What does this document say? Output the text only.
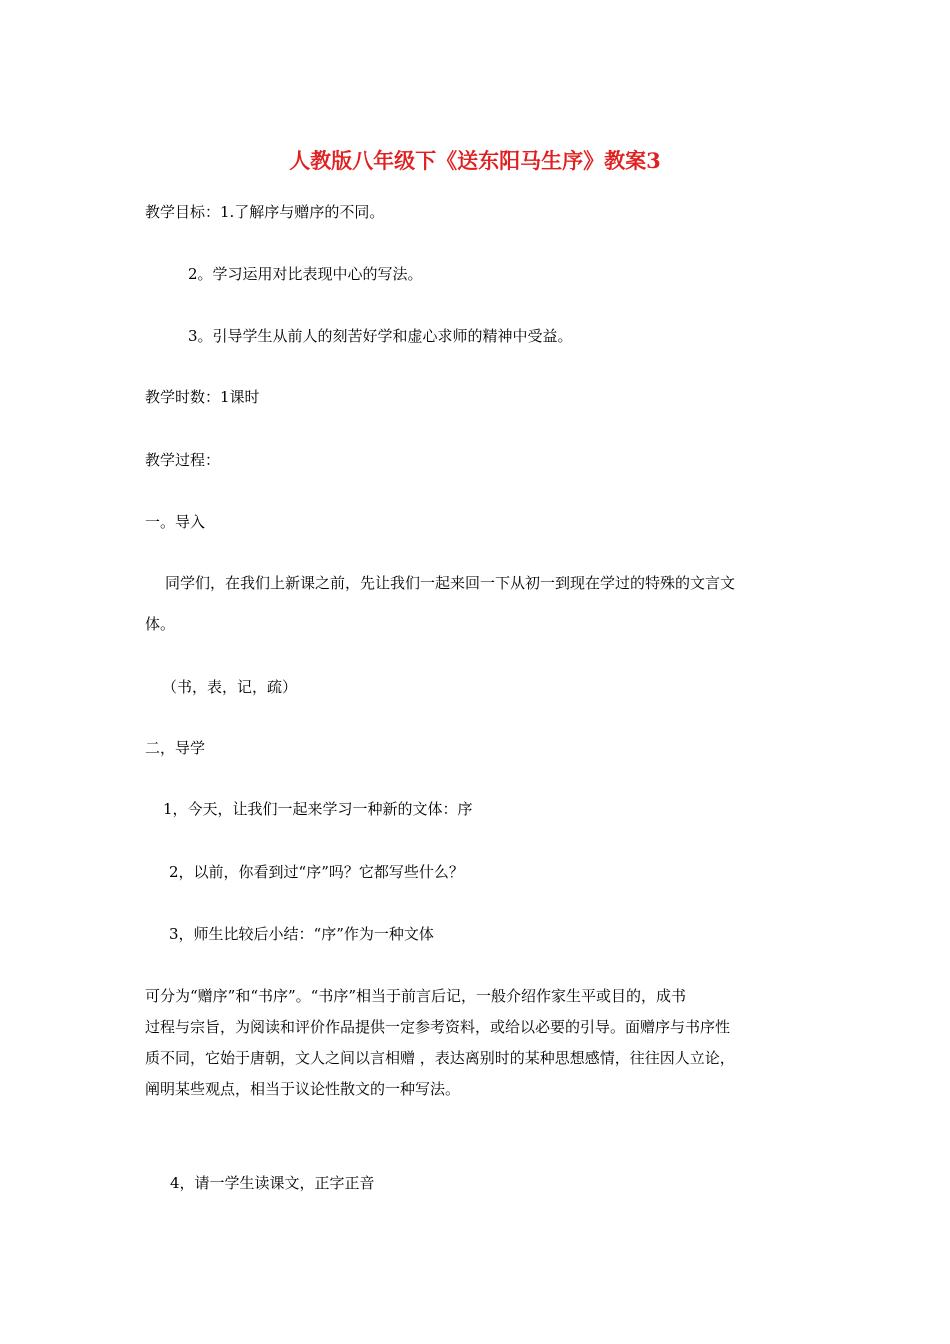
人教版八年级下《送东阳马生序》教案3
教学目标：1.了解序与赠序的不同。
2。学习运用对比表现中心的写法。
3。引导学生从前人的刻苦好学和虚心求师的精神中受益。
教学时数：1课时
教学过程：
一。导入
同学们，在我们上新课之前，先让我们一起来回一下从初一到现在学过的特殊的文言文
体。
（书，表，记，疏）
二，导学
1，今天，让我们一起来学习一种新的文体：序
2，以前，你看到过“序”吗？它都写些什么？
3，师生比较后小结：“序”作为一种文体
可分为“赠序”和“书序”。“书序”相当于前言后记，一般介绍作家生平或目的，成书
过程与宗旨，为阅读和评价作品提供一定参考资料，或给以必要的引导。面赠序与书序性
质不同，它始于唐朝，文人之间以言相赠 ，表达离别时的某种思想感情，往往因人立论，
阐明某些观点，相当于议论性散文的一种写法。
4，请一学生读课文，正字正音
